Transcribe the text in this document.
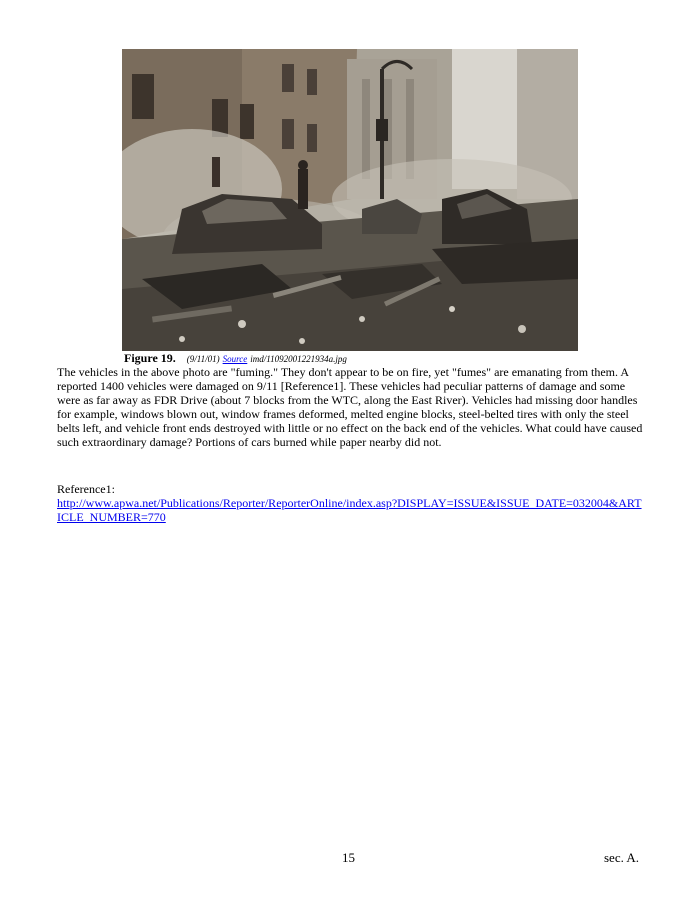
Figure 19. (9/11/01) Source imd/11092001221934a.jpg
The vehicles in the above photo are "fuming." They don't appear to be on fire, yet "fumes" are emanating from them. A reported 1400 vehicles were damaged on 9/11 [Reference1]. These vehicles had peculiar patterns of damage and some were as far away as FDR Drive (about 7 blocks from the WTC, along the East River). Vehicles had missing door handles for example, windows blown out, window frames deformed, melted engine blocks, steel-belted tires with only the steel belts left, and vehicle front ends destroyed with little or no effect on the back end of the vehicles. What could have caused such extraordinary damage? Portions of cars burned while paper nearby did not.
Reference1:
http://www.apwa.net/Publications/Reporter/ReporterOnline/index.asp?DISPLAY=ISSUE&ISSUE_DATE=032004&ARTICLE_NUMBER=770
15	sec. A.
